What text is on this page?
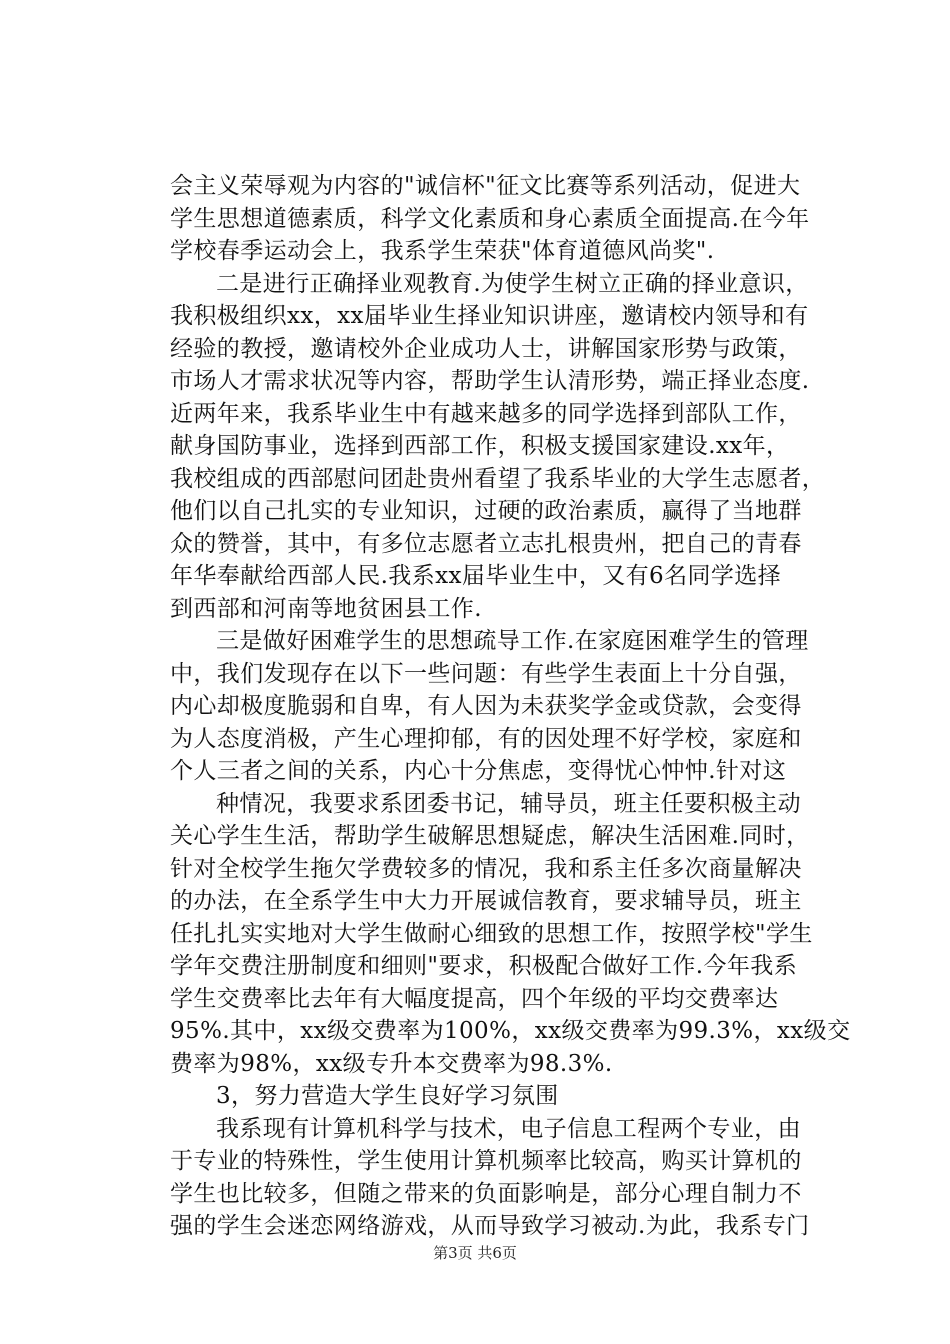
会主义荣辱观为内容的"诚信杯"征文比赛等系列活动，促进大
学生思想道德素质，科学文化素质和身心素质全面提高.在今年
学校春季运动会上，我系学生荣获"体育道德风尚奖".
二是进行正确择业观教育.为使学生树立正确的择业意识，
我积极组织xx，xx届毕业生择业知识讲座，邀请校内领导和有
经验的教授，邀请校外企业成功人士，讲解国家形势与政策，
市场人才需求状况等内容，帮助学生认清形势，端正择业态度.
近两年来，我系毕业生中有越来越多的同学选择到部队工作，
献身国防事业，选择到西部工作，积极支援国家建设.xx年，
我校组成的西部慰问团赴贵州看望了我系毕业的大学生志愿者，
他们以自己扎实的专业知识，过硬的政治素质，赢得了当地群
众的赞誉，其中，有多位志愿者立志扎根贵州，把自己的青春
年华奉献给西部人民.我系xx届毕业生中，又有6名同学选择
到西部和河南等地贫困县工作.
三是做好困难学生的思想疏导工作.在家庭困难学生的管理
中，我们发现存在以下一些问题：有些学生表面上十分自强，
内心却极度脆弱和自卑，有人因为未获奖学金或贷款，会变得
为人态度消极，产生心理抑郁，有的因处理不好学校，家庭和
个人三者之间的关系，内心十分焦虑，变得忧心忡忡.针对这
种情况，我要求系团委书记，辅导员，班主任要积极主动
关心学生生活，帮助学生破解思想疑虑，解决生活困难.同时，
针对全校学生拖欠学费较多的情况，我和系主任多次商量解决
的办法，在全系学生中大力开展诚信教育，要求辅导员，班主
任扎扎实实地对大学生做耐心细致的思想工作，按照学校"学生
学年交费注册制度和细则"要求，积极配合做好工作.今年我系
学生交费率比去年有大幅度提高，四个年级的平均交费率达
95%.其中，xx级交费率为100%，xx级交费率为99.3%，xx级交
费率为98%，xx级专升本交费率为98.3%.
3，努力营造大学生良好学习氛围
我系现有计算机科学与技术，电子信息工程两个专业，由
于专业的特殊性，学生使用计算机频率比较高，购买计算机的
学生也比较多，但随之带来的负面影响是，部分心理自制力不
强的学生会迷恋网络游戏，从而导致学习被动.为此，我系专门
第3页 共6页
